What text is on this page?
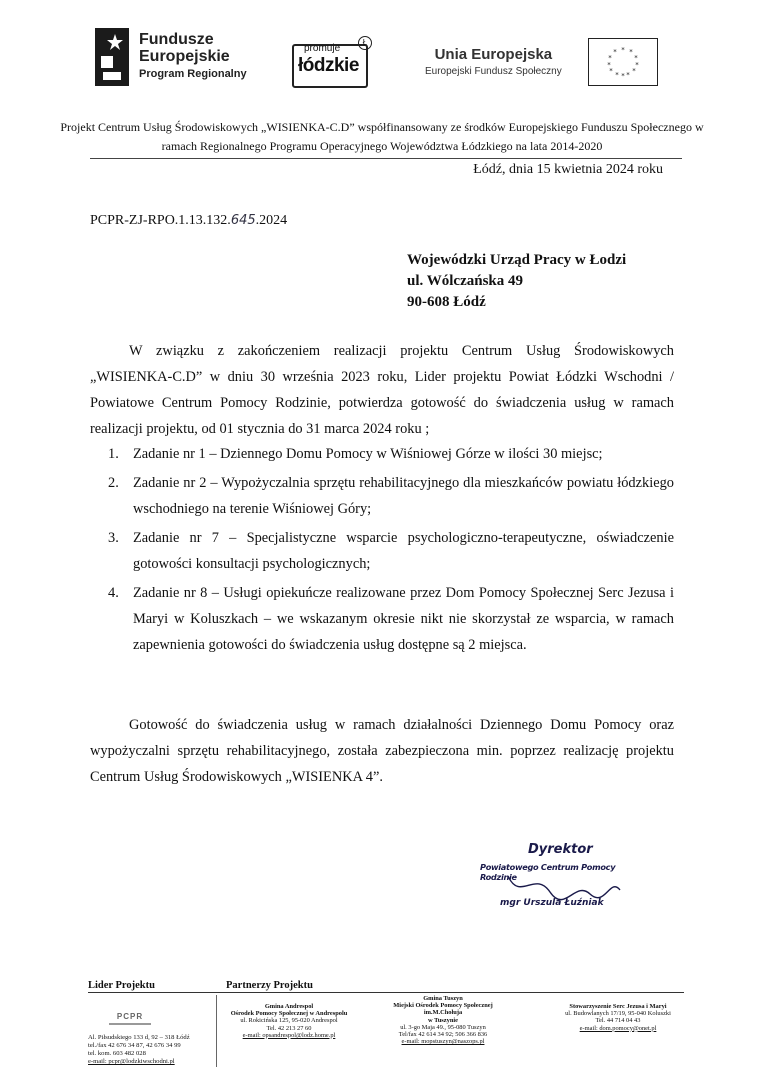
Fundusze
Europejskie
Program Regionalny
promuje
łódzkie
Ł
Unia Europejska
Europejski Fundusz Społeczny
* *
*
*
*
*
*
*
*
*
*
*
Projekt Centrum Usług Środowiskowych „WISIENKA-C.D” współfinansowany ze środków Europejskiego Funduszu Społecznego w ramach Regionalnego Programu Operacyjnego Województwa Łódzkiego na lata 2014-2020
Łódź, dnia 15 kwietnia 2024 roku
PCPR-ZJ-RPO.1.13.132.645.2024
Wojewódzki Urząd Pracy w Łodzi
ul. Wólczańska 49
90-608 Łódź
W związku z zakończeniem realizacji projektu Centrum Usług Środowiskowych „WISIENKA-C.D” w dniu 30 września 2023 roku, Lider projektu Powiat Łódzki Wschodni / Powiatowe Centrum Pomocy Rodzinie, potwierdza gotowość do świadczenia usług w ramach realizacji projektu, od 01 stycznia do 31 marca 2024 roku ;
1. Zadanie nr 1 – Dziennego Domu Pomocy w Wiśniowej Górze w ilości 30 miejsc;
2. Zadanie nr 2 – Wypożyczalnia sprzętu rehabilitacyjnego dla mieszkańców powiatu łódzkiego wschodniego na terenie Wiśniowej Góry;
3. Zadanie nr 7 – Specjalistyczne wsparcie psychologiczno-terapeutyczne, oświadczenie gotowości konsultacji psychologicznych;
4. Zadanie nr 8 – Usługi opiekuńcze realizowane przez Dom Pomocy Społecznej Serc Jezusa i Maryi w Koluszkach – we wskazanym okresie nikt nie skorzystał ze wsparcia, w ramach zapewnienia gotowości do świadczenia usług dostępne są 2 miejsca.
Gotowość do świadczenia usług w ramach działalności Dziennego Domu Pomocy oraz wypożyczalni sprzętu rehabilitacyjnego, została zabezpieczona min. poprzez realizację projektu Centrum Usług Środowiskowych „WISIENKA 4”.
Dyrektor
Powiatowego Centrum Pomocy Rodzinie
mgr Urszula Łuźniak
Lider Projektu	Partnerzy Projektu
PCPR
Al. Piłsudskiego 133 d, 92 – 318 Łódź
tel./fax 42 676 34 87, 42 676 34 99
tel. kom. 603 482 028
e-mail: pcpr@lodzkiwschodni.pl
Gmina Andrespol
Ośrodek Pomocy Społecznej w Andrespolu
ul. Rokicińska 125, 95-020 Andrespol
Tel. 42 213 27 60
e-mail: opsandrespol@lodz.home.pl
Gmina Tuszyn
Miejski Ośrodek Pomocy Społecznej im.M.Chołuja
w Tuszynie
ul. 3-go Maja 49., 95-080 Tuszyn
Tel/fax 42 614 34 92; 506 366 836
e-mail: mopstuszyn@naszops.pl
Stowarzyszenie Serc Jezusa i Maryi
ul. Budowlanych 17/19, 95-040 Koluszki
Tel. 44 714 04 43
e-mail: dom.pomocy@onet.pl
